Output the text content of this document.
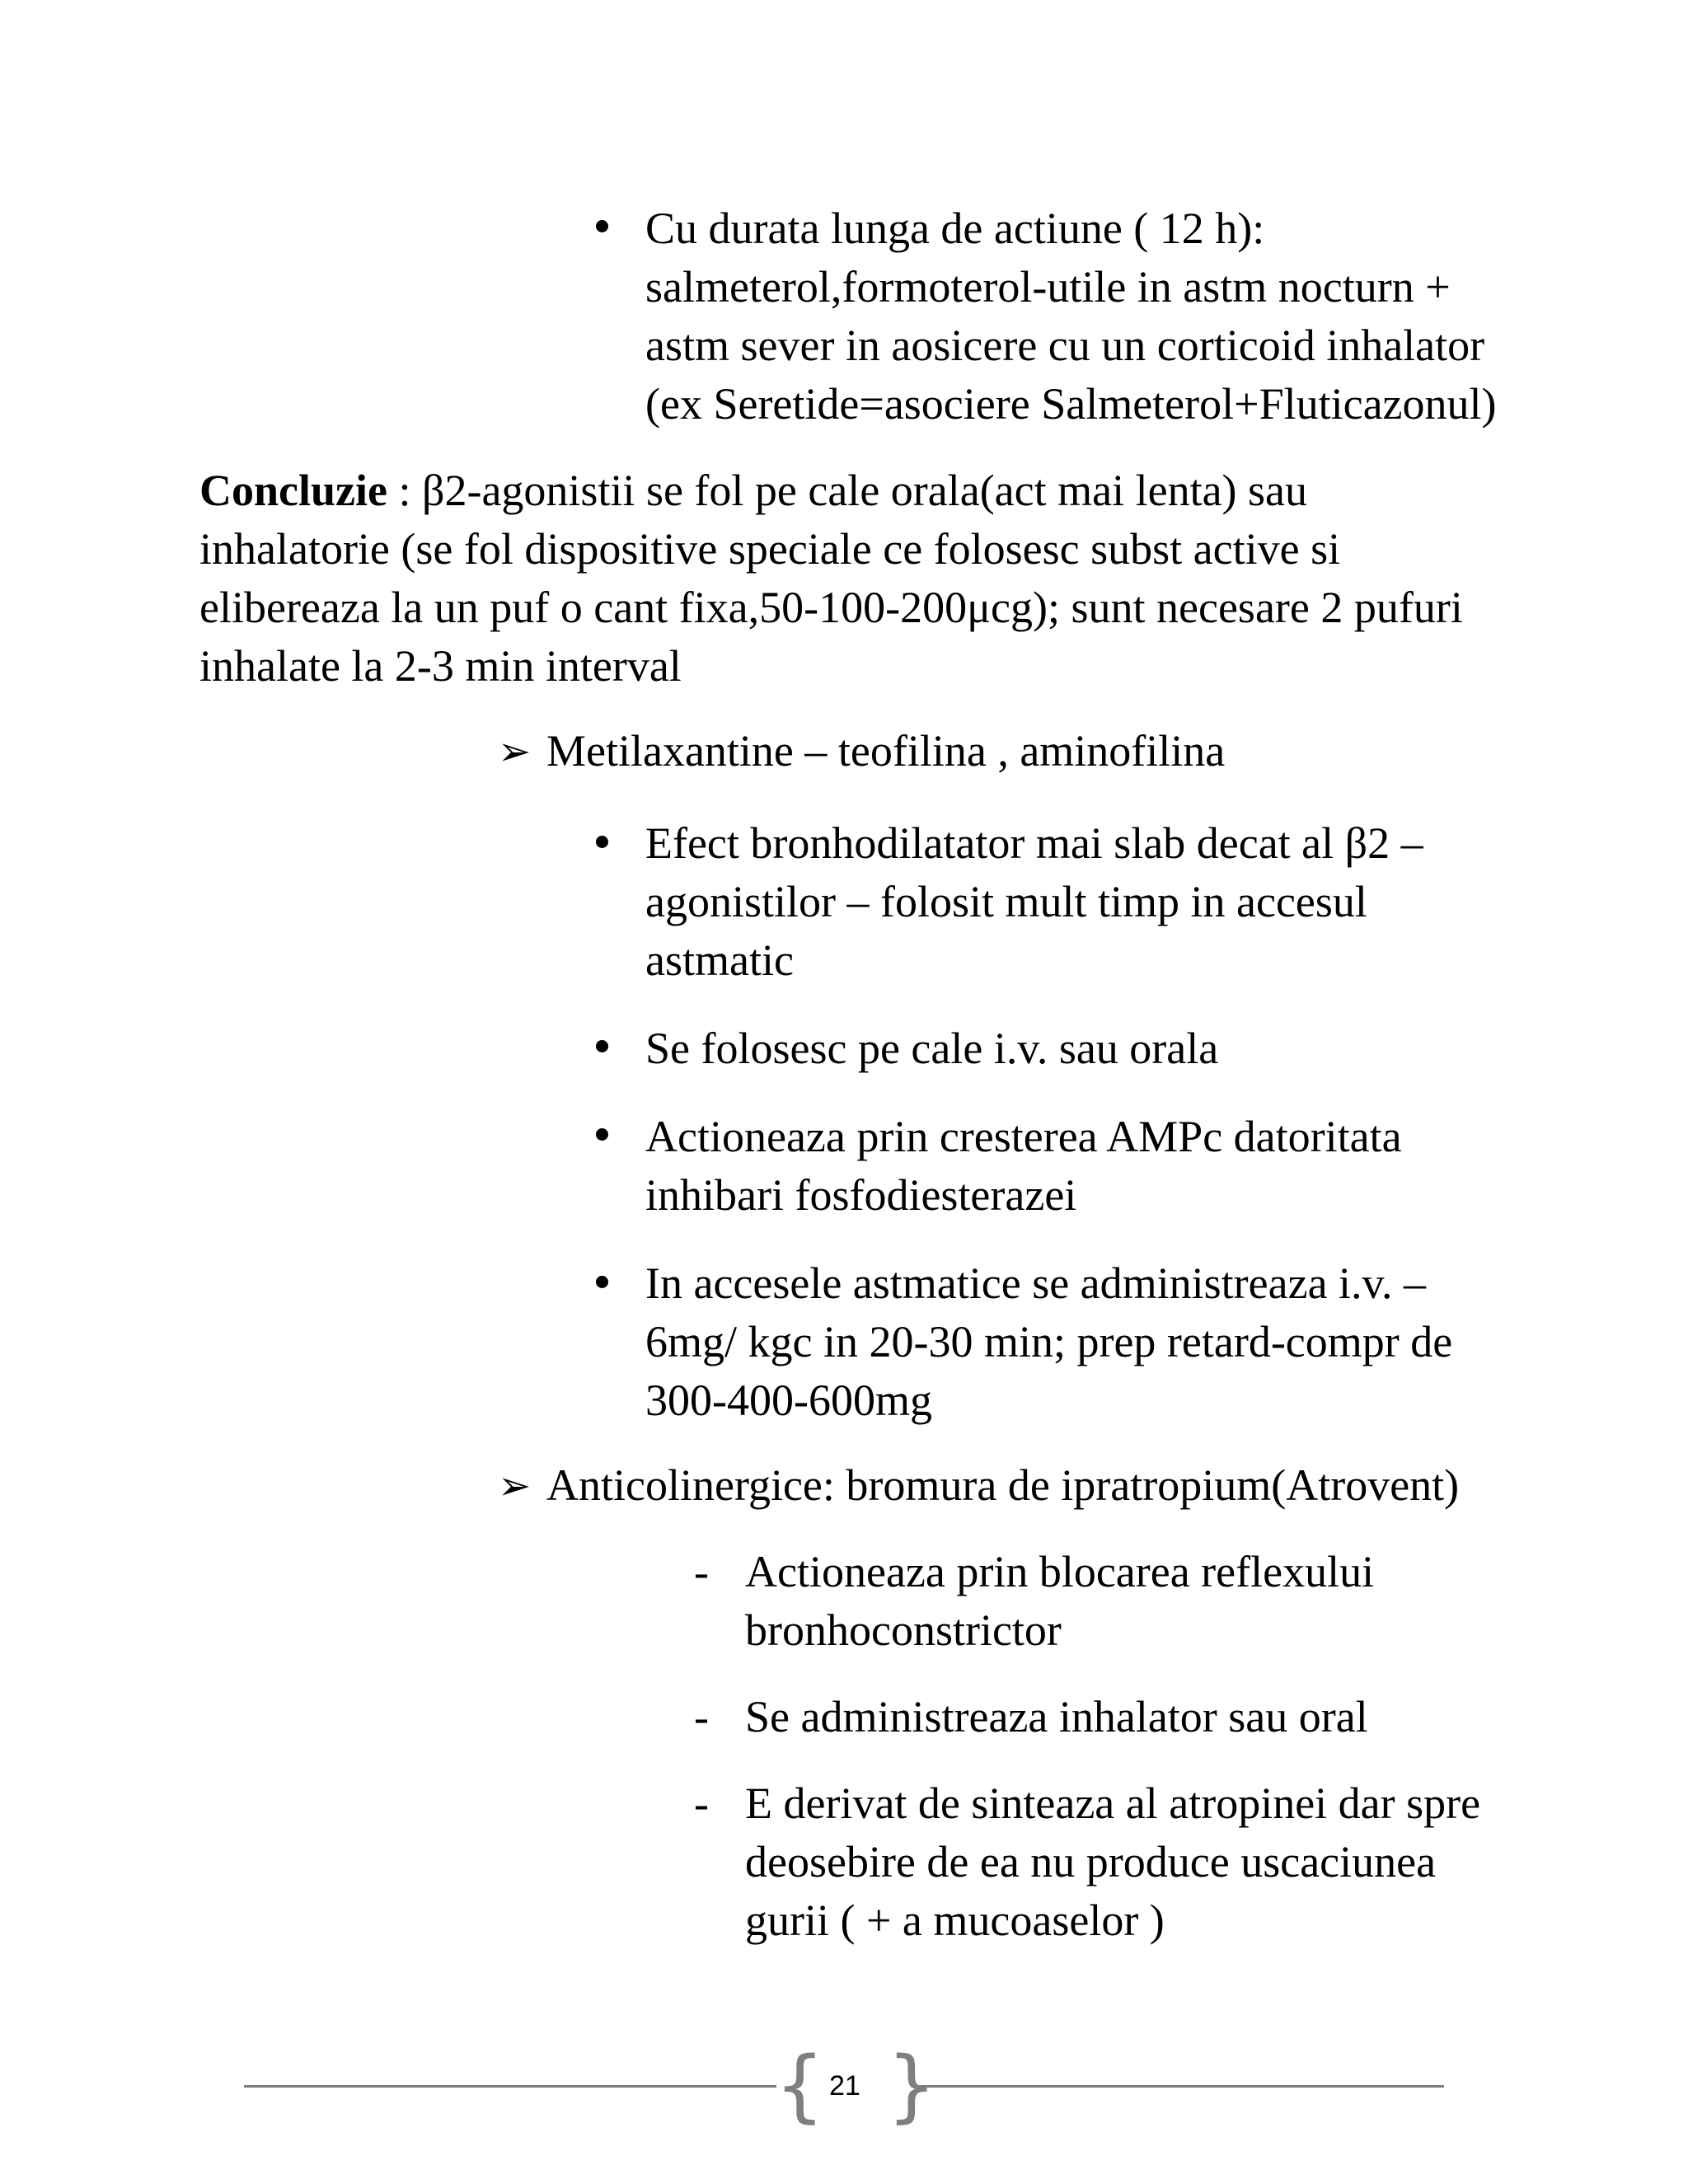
Cu durata lunga de actiune ( 12 h):
salmeterol,formoterol-utile in astm nocturn +
astm sever in aosicere cu un corticoid inhalator
(ex Seretide=asociere Salmeterol+Fluticazonul)
Concluzie : β2-agonistii se fol pe cale orala(act mai lenta) sau
inhalatorie (se fol dispositive speciale ce folosesc subst active si
elibereaza la un puf o cant fixa,50-100-200μcg); sunt necesare 2 pufuri
inhalate la 2-3 min interval
➢ Metilaxantine – teofilina , aminofilina
Efect bronhodilatator mai slab decat al β2 –
agonistilor – folosit mult timp in accesul
astmatic
Se folosesc pe cale i.v. sau orala
Actioneaza prin cresterea AMPc datoritata
inhibari fosfodiesterazei
In accesele astmatice se administreaza i.v. –
6mg/ kgc in 20-30 min; prep retard-compr de
300-400-600mg
➢ Anticolinergice: bromura de ipratropium(Atrovent)
- Actioneaza prin blocarea reflexului
bronhoconstrictor
- Se administreaza inhalator sau oral
- E derivat de sinteaza al atropinei dar spre
deosebire de ea nu produce uscaciunea
gurii ( + a mucoaselor )
{ 21 }
